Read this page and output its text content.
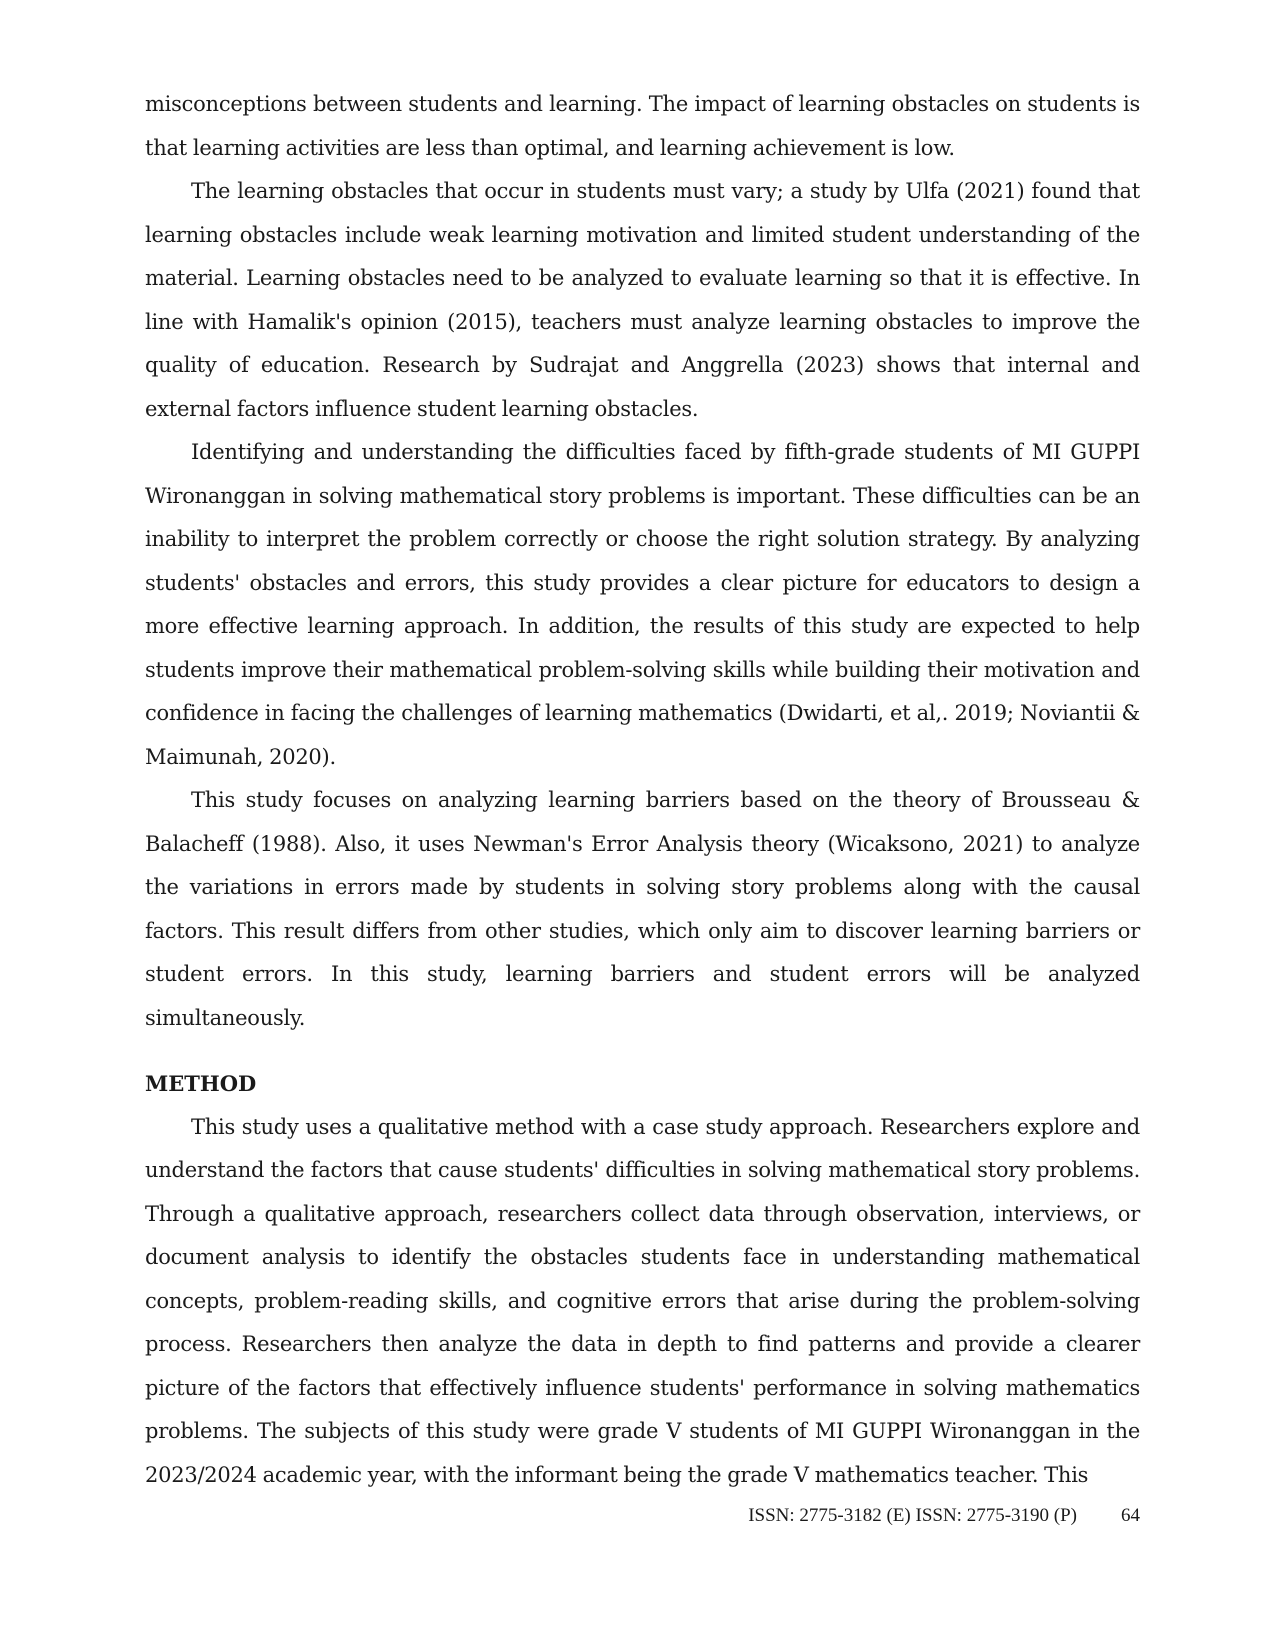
misconceptions between students and learning. The impact of learning obstacles on students is that learning activities are less than optimal, and learning achievement is low.

The learning obstacles that occur in students must vary; a study by Ulfa (2021) found that learning obstacles include weak learning motivation and limited student understanding of the material. Learning obstacles need to be analyzed to evaluate learning so that it is effective. In line with Hamalik's opinion (2015), teachers must analyze learning obstacles to improve the quality of education. Research by Sudrajat and Anggrella (2023) shows that internal and external factors influence student learning obstacles.

Identifying and understanding the difficulties faced by fifth-grade students of MI GUPPI Wironanggan in solving mathematical story problems is important. These difficulties can be an inability to interpret the problem correctly or choose the right solution strategy. By analyzing students' obstacles and errors, this study provides a clear picture for educators to design a more effective learning approach. In addition, the results of this study are expected to help students improve their mathematical problem-solving skills while building their motivation and confidence in facing the challenges of learning mathematics (Dwidarti, et al,. 2019; Noviantii & Maimunah, 2020).

This study focuses on analyzing learning barriers based on the theory of Brousseau & Balacheff (1988). Also, it uses Newman's Error Analysis theory (Wicaksono, 2021) to analyze the variations in errors made by students in solving story problems along with the causal factors. This result differs from other studies, which only aim to discover learning barriers or student errors. In this study, learning barriers and student errors will be analyzed simultaneously.

METHOD

This study uses a qualitative method with a case study approach. Researchers explore and understand the factors that cause students' difficulties in solving mathematical story problems. Through a qualitative approach, researchers collect data through observation, interviews, or document analysis to identify the obstacles students face in understanding mathematical concepts, problem-reading skills, and cognitive errors that arise during the problem-solving process. Researchers then analyze the data in depth to find patterns and provide a clearer picture of the factors that effectively influence students' performance in solving mathematics problems. The subjects of this study were grade V students of MI GUPPI Wironanggan in the 2023/2024 academic year, with the informant being the grade V mathematics teacher. This

ISSN: 2775-3182 (E) ISSN: 2775-3190 (P) 64
